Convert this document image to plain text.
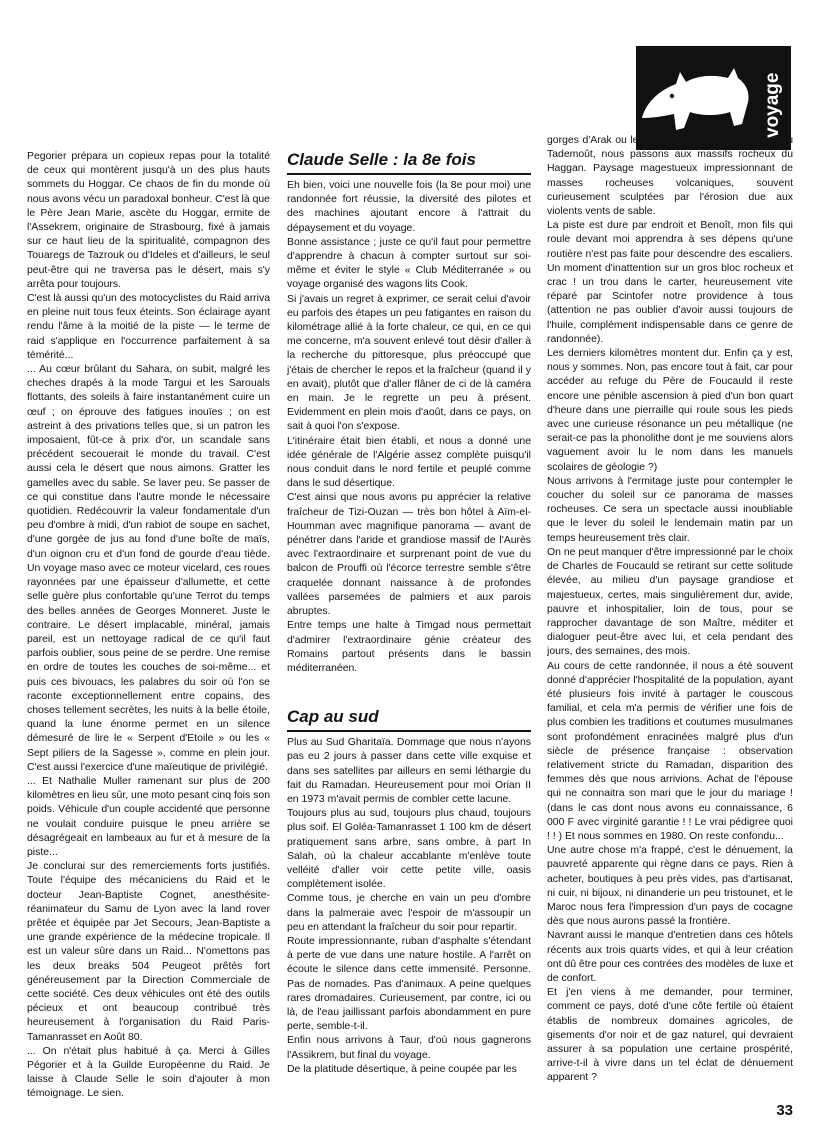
voyage

Pegorier prépara un copieux repas pour la totalité de ceux qui montèrent jusqu'à un des plus hauts sommets du Hoggar. Ce chaos de fin du monde où nous avons vécu un paradoxal bonheur. C'est là que le Père Jean Marie, ascète du Hoggar, ermite de l'Assekrem, originaire de Strasbourg, fixé à jamais sur ce haut lieu de la spiritualité, compagnon des Touaregs de Tazrouk ou d'Ideles et d'ailleurs, le seul peut-être qui ne traversa pas le désert, mais s'y arrêta pour toujours.

C'est là aussi qu'un des motocyclistes du Raid arriva en pleine nuit tous feux éteints. Son éclairage ayant rendu l'âme à la moitié de la piste — le terme de raid s'applique en l'occurrence parfaitement à sa témérité...

... Au cœur brûlant du Sahara, on subit, malgré les cheches drapés à la mode Targui et les Sarouals flottants, des soleils à faire instantanément cuire un œuf ; on éprouve des fatigues inouïes ; on est astreint à des privations telles que, si un patron les imposaient, fût-ce à prix d'or, un scandale sans précédent secouerait le monde du travail. C'est aussi cela le désert que nous aimons. Gratter les gamelles avec du sable. Se laver peu. Se passer de ce qui constitue dans l'autre monde le nécessaire quotidien. Redécouvrir la valeur fondamentale d'un peu d'ombre à midi, d'un rabiot de soupe en sachet, d'une gorgée de jus au fond d'une boîte de maïs, d'un oignon cru et d'un fond de gourde d'eau tiède. Un voyage maso avec ce moteur vicelard, ces roues rayonnées par une épaisseur d'allumette, et cette selle guère plus confortable qu'une Terrot du temps des belles années de Georges Monneret. Juste le contraire. Le désert implacable, minéral, jamais pareil, est un nettoyage radical de ce qu'il faut parfois oublier, sous peine de se perdre. Une remise en ordre de toutes les couches de soi-même... et puis ces bivouacs, les palabres du soir où l'on se raconte exceptionnellement entre copains, des choses tellement secrètes, les nuits à la belle étoile, quand la lune énorme permet en un silence démesuré de lire le « Serpent d'Etoile » ou les « Sept piliers de la Sagesse », comme en plein jour. C'est aussi l'exercice d'une maïeutique de privilégié.

... Et Nathalie Muller ramenant sur plus de 200 kilomètres en lieu sûr, une moto pesant cinq fois son poids. Véhicule d'un couple accidenté que personne ne voulait conduire puisque le pneu arrière se désagrégeait en lambeaux au fur et à mesure de la piste...

Je conclurai sur des remerciements forts justifiés. Toute l'équipe des mécaniciens du Raid et le docteur Jean-Baptiste Cognet, anesthésite-réanimateur du Samu de Lyon avec la land rover prêtée et équipée par Jet Secours, Jean-Baptiste a une grande expérience de la médecine tropicale. Il est un valeur sûre dans un Raid... N'omettons pas les deux breaks 504 Peugeot prêtés fort généreusement par la Direction Commerciale de cette société. Ces deux véhicules ont été des outils pécieux et ont beaucoup contribué très heureusement à l'organisation du Raid Paris-Tamanrasset en Août 80.

... On n'était plus habitué à ça. Merci à Gilles Pégorier et à la Guilde Européenne du Raid. Je laisse à Claude Selle le soin d'ajouter à mon témoignage. Le sien.

Claude Selle : la 8e fois

Eh bien, voici une nouvelle fois (la 8e pour moi) une randonnée fort réussie, la diversité des pilotes et des machines ajoutant encore à l'attrait du dépaysement et du voyage.

Bonne assistance ; juste ce qu'il faut pour permettre d'apprendre à chacun à compter surtout sur soi-même et éviter le style « Club Méditerranée » ou voyage organisé des wagons lits Cook.

Si j'avais un regret à exprimer, ce serait celui d'avoir eu parfois des étapes un peu fatigantes en raison du kilométrage allié à la forte chaleur, ce qui, en ce qui me concerne, m'a souvent enlevé tout désir d'aller à la recherche du pittoresque, plus préoccupé que j'étais de chercher le repos et la fraîcheur (quand il y en avait), plutôt que d'aller flâner de ci de là caméra en main. Je le regrette un peu à présent. Evidemment en plein mois d'août, dans ce pays, on sait à quoi l'on s'expose.

L'itinéraire était bien établi, et nous a donné une idée générale de l'Algérie assez complète puisqu'il nous conduit dans le nord fertile et peuplé comme dans le sud désertique.

C'est ainsi que nous avons pu apprécier la relative fraîcheur de Tizi-Ouzan — très bon hôtel à Aïm-el-Houmman avec magnifique panorama — avant de pénétrer dans l'aride et grandiose massif de l'Aurès avec l'extraordinaire et surprenant point de vue du balcon de Prouffi où l'écorce terrestre semble s'être craquelée donnant naissance à de profondes vallées parsemées de palmiers et aux parois abruptes.

Entre temps une halte à Timgad nous permettait d'admirer l'extraordinaire génie créateur des Romains partout présents dans le bassin méditerranéen.

Cap au sud

Plus au Sud Gharitaïa. Dommage que nous n'ayons pas eu 2 jours à passer dans cette ville exquise et dans ses satellites par ailleurs en semi léthargie du fait du Ramadan. Heureusement pour moi Orian II en 1973 m'avait permis de combler cette lacune.

Toujours plus au sud, toujours plus chaud, toujours plus soif. El Goléa-Tamanrasset 1 100 km de désert pratiquement sans arbre, sans ombre, à part In Salah, où la chaleur accablante m'enlève toute velléité d'aller voir cette petite ville, oasis complètement isolée.

Comme tous, je cherche en vain un peu d'ombre dans la palmeraie avec l'espoir de m'assoupir un peu en attendant la fraîcheur du soir pour repartir.

Route impressionnante, ruban d'asphalte s'étendant à perte de vue dans une nature hostile. A l'arrêt on écoute le silence dans cette immensité. Personne. Pas de nomades. Pas d'animaux. A peine quelques rares dromadaires. Curieusement, par contre, ici ou là, de l'eau jaillissant parfois abondamment en pure perte, semble-t-il.

Enfin nous arrivons à Taur, d'où nous gagnerons l'Assikrem, but final du voyage.

De la platitude désertique, à peine coupée par les

gorges d'Arak ou les curieux tertres trapézoïdaux du Tademoût, nous passons aux massifs rocheux du Haggan. Paysage magestueux impressionnant de masses rocheuses volcaniques, souvent curieusement sculptées par l'érosion due aux violents vents de sable.

La piste est dure par endroit et Benoît, mon fils qui roule devant moi apprendra à ses dépens qu'une routière n'est pas faite pour descendre des escaliers. Un moment d'inattention sur un gros bloc rocheux et crac ! un trou dans le carter, heureusement vite réparé par Scintofer notre providence à tous (attention ne pas oublier d'avoir aussi toujours de l'huile, complément indispensable dans ce genre de randonnée).

Les derniers kilomètres montent dur. Enfin ça y est, nous y sommes. Non, pas encore tout à fait, car pour accéder au refuge du Père de Foucauld il reste encore une pénible ascension à pied d'un bon quart d'heure dans une pierraille qui roule sous les pieds avec une curieuse résonance un peu métallique (ne serait-ce pas la phonolithe dont je me souviens alors vaguement avoir lu le nom dans les manuels scolaires de géologie ?)

Nous arrivons à l'ermitage juste pour contempler le coucher du soleil sur ce panorama de masses rocheuses. Ce sera un spectacle aussi inoubliable que le lever du soleil le lendemain matin par un temps heureusement très clair.

On ne peut manquer d'être impressionné par le choix de Charles de Foucauld se retirant sur cette solitude élevée, au milieu d'un paysage grandiose et majestueux, certes, mais singulièrement dur, avide, pauvre et inhospitalier, loin de tous, pour se rapprocher davantage de son Maître, méditer et dialoguer peut-être avec lui, et cela pendant des jours, des semaines, des mois.

Au cours de cette randonnée, il nous a été souvent donné d'apprécier l'hospitalité de la population, ayant été plusieurs fois invité à partager le couscous familial, et cela m'a permis de vérifier une fois de plus combien les traditions et coutumes musulmanes sont profondément enracinées malgré plus d'un siècle de présence française : observation relativement stricte du Ramadan, disparition des femmes dès que nous arrivions. Achat de l'épouse qui ne connaitra son mari que le jour du mariage ! (dans le cas dont nous avons eu connaissance, 6 000 F avec virginité garantie ! ! Le vrai pédigree quoi ! ! ) Et nous sommes en 1980. On reste confondu...

Une autre chose m'a frappé, c'est le dénuement, la pauvreté apparente qui règne dans ce pays. Rien à acheter, boutiques à peu près vides, pas d'artisanat, ni cuir, ni bijoux, ni dinanderie un peu tristounet, et le Maroc nous fera l'impression d'un pays de cocagne dès que nous aurons passé la frontière.

Navrant aussi le manque d'entretien dans ces hôtels récents aux trois quarts vides, et qui à leur création ont dû être pour ces contrées des modèles de luxe et de confort.

Et j'en viens à me demander, pour terminer, comment ce pays, doté d'une côte fertile où étaient établis de nombreux domaines agricoles, de gisements d'or noir et de gaz naturel, qui devraient assurer à sa population une certaine prospérité, arrive-t-il à vivre dans un tel éclat de dénuement apparent ?

33
